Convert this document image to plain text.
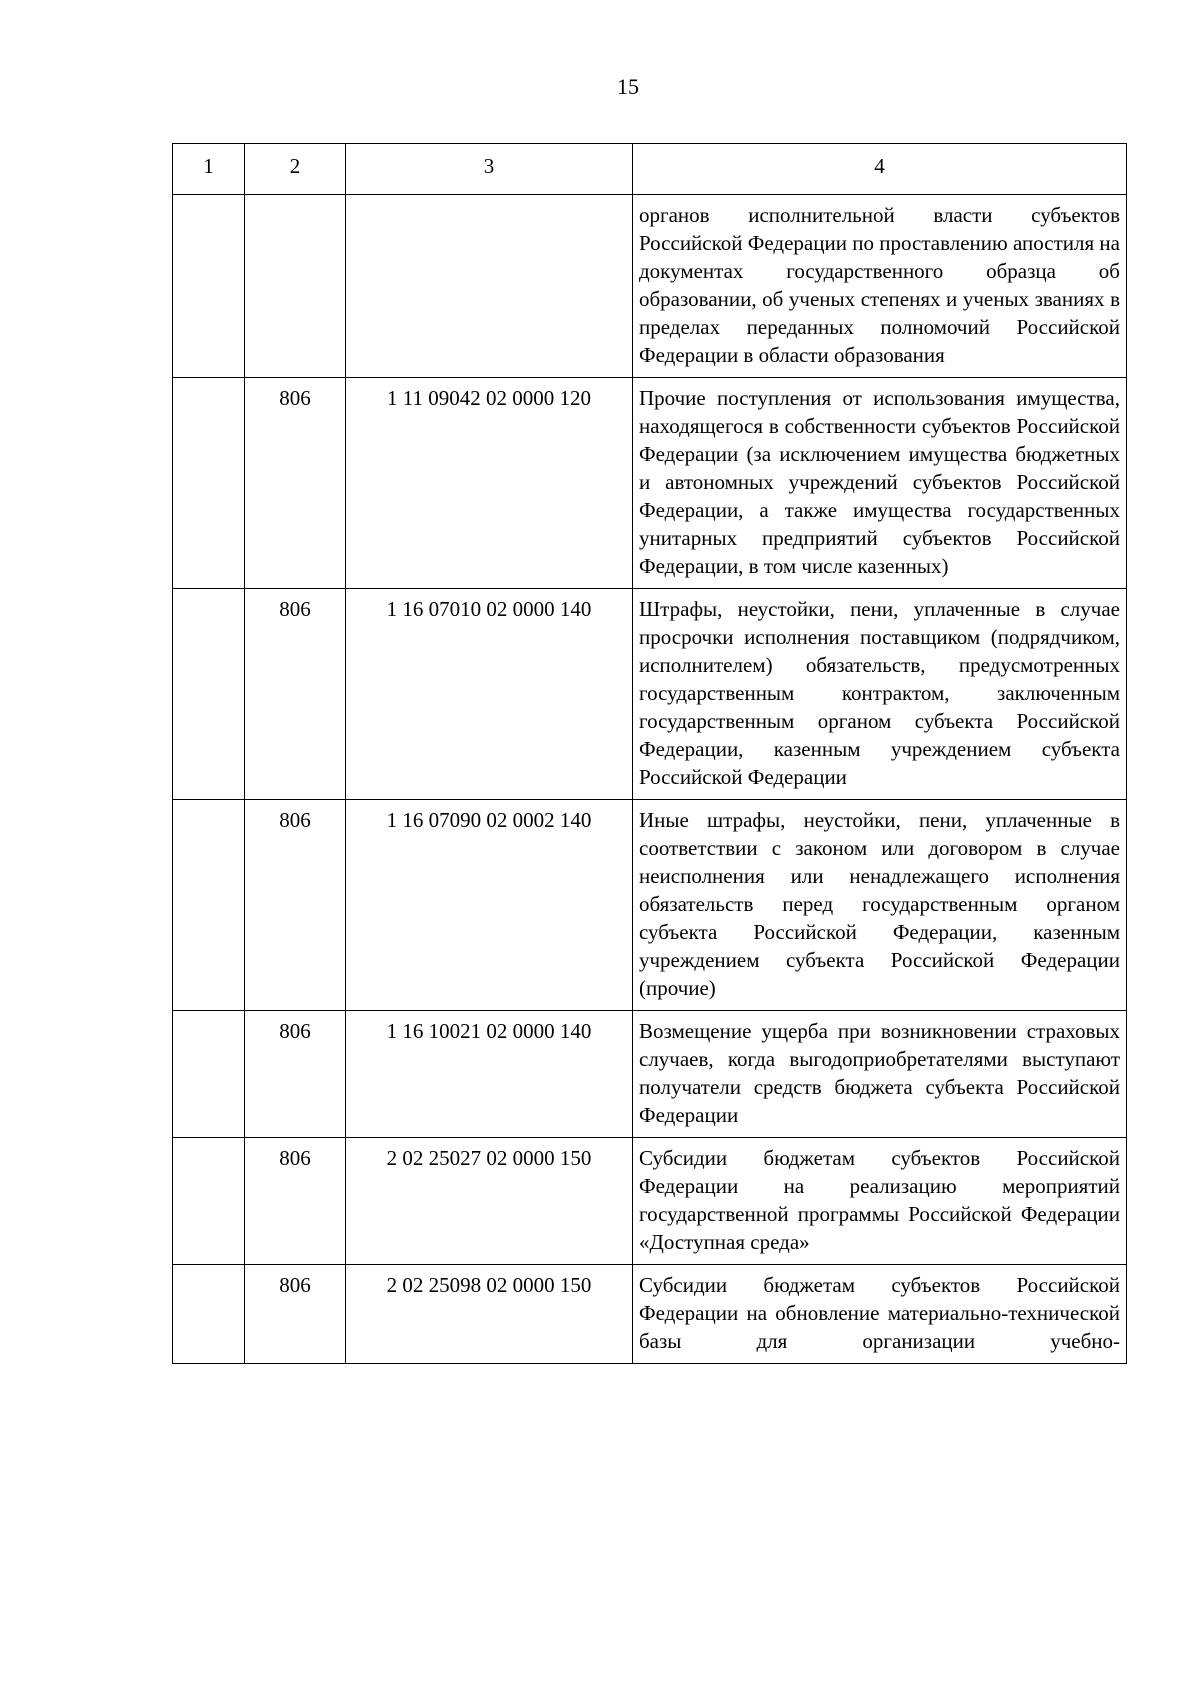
15
1	2	3	4
			органов исполнительной власти субъектов Российской Федерации по проставлению апостиля на документах государственного образца об образовании, об ученых степенях и ученых званиях в пределах переданных полномочий Российской Федерации в области образования
	806	1 11 09042 02 0000 120	Прочие поступления от использования имущества, находящегося в собственности субъектов Российской Федерации (за исключением имущества бюджетных и автономных учреждений субъектов Российской Федерации, а также имущества государственных унитарных предприятий субъектов Российской Федерации, в том числе казенных)
	806	1 16 07010 02 0000 140	Штрафы, неустойки, пени, уплаченные в случае просрочки исполнения поставщиком (подрядчиком, исполнителем) обязательств, предусмотренных государственным контрактом, заключенным государственным органом субъекта Российской Федерации, казенным учреждением субъекта Российской Федерации
	806	1 16 07090 02 0002 140	Иные штрафы, неустойки, пени, уплаченные в соответствии с законом или договором в случае неисполнения или ненадлежащего исполнения обязательств перед государственным органом субъекта Российской Федерации, казенным учреждением субъекта Российской Федерации (прочие)
	806	1 16 10021 02 0000 140	Возмещение ущерба при возникновении страховых случаев, когда выгодоприобретателями выступают получатели средств бюджета субъекта Российской Федерации
	806	2 02 25027 02 0000 150	Субсидии бюджетам субъектов Российской Федерации на реализацию мероприятий государственной программы Российской Федерации «Доступная среда»
	806	2 02 25098 02 0000 150	Субсидии бюджетам субъектов Российской Федерации на обновление материально-технической базы для организации учебно-
